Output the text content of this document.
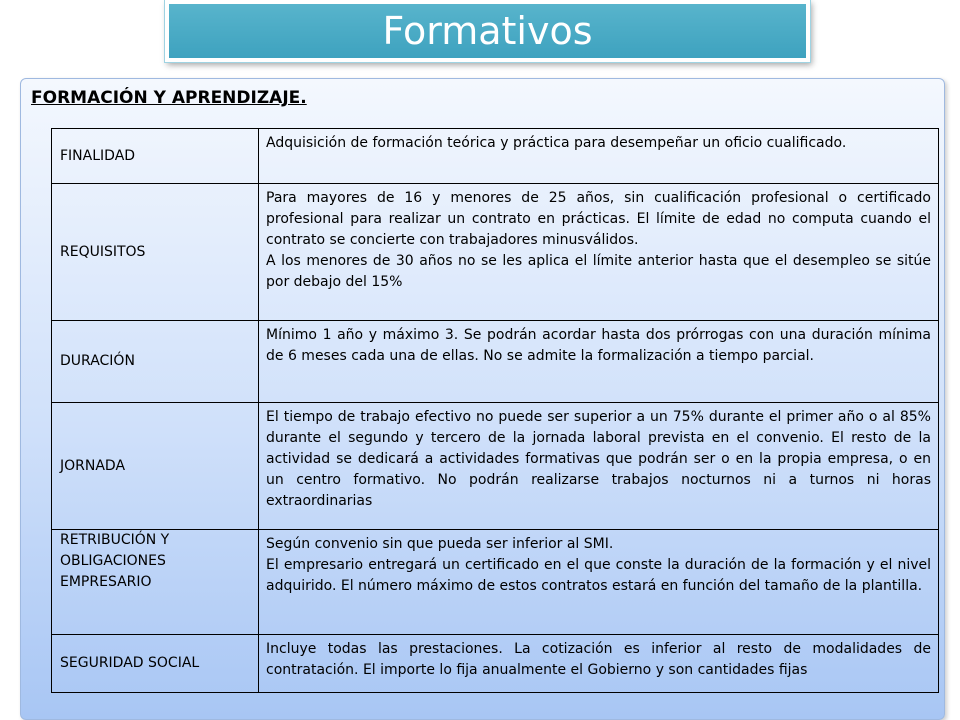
Formativos

FORMACIÓN Y APRENDIZAJE.

FINALIDAD	Adquisición de formación teórica y práctica para desempeñar un oficio cualificado.

REQUISITOS	Para mayores de 16 y menores de 25 años, sin cualificación profesional o certificado profesional para realizar un contrato en prácticas. El límite de edad no computa cuando el contrato se concierte con trabajadores minusválidos.
A los menores de 30 años no se les aplica el límite anterior hasta que el desempleo se sitúe por debajo del 15%

DURACIÓN	Mínimo 1 año y máximo 3. Se podrán acordar hasta dos prórrogas con una duración mínima de 6 meses cada una de ellas. No se admite la formalización a tiempo parcial.

JORNADA	El tiempo de trabajo efectivo no puede ser superior a un 75% durante el primer año o al 85% durante el segundo y tercero de la jornada laboral prevista en el convenio. El resto de la actividad se dedicará a actividades formativas que podrán ser o en la propia empresa, o en un centro formativo. No podrán realizarse trabajos nocturnos ni a turnos ni horas extraordinarias

RETRIBUCIÓN Y OBLIGACIONES EMPRESARIO	Según convenio sin que pueda ser inferior al SMI.
El empresario entregará un certificado en el que conste la duración de la formación y el nivel adquirido. El número máximo de estos contratos estará en función del tamaño de la plantilla.

SEGURIDAD SOCIAL	Incluye todas las prestaciones. La cotización es inferior al resto de modalidades de contratación. El importe lo fija anualmente el Gobierno y son cantidades fijas
